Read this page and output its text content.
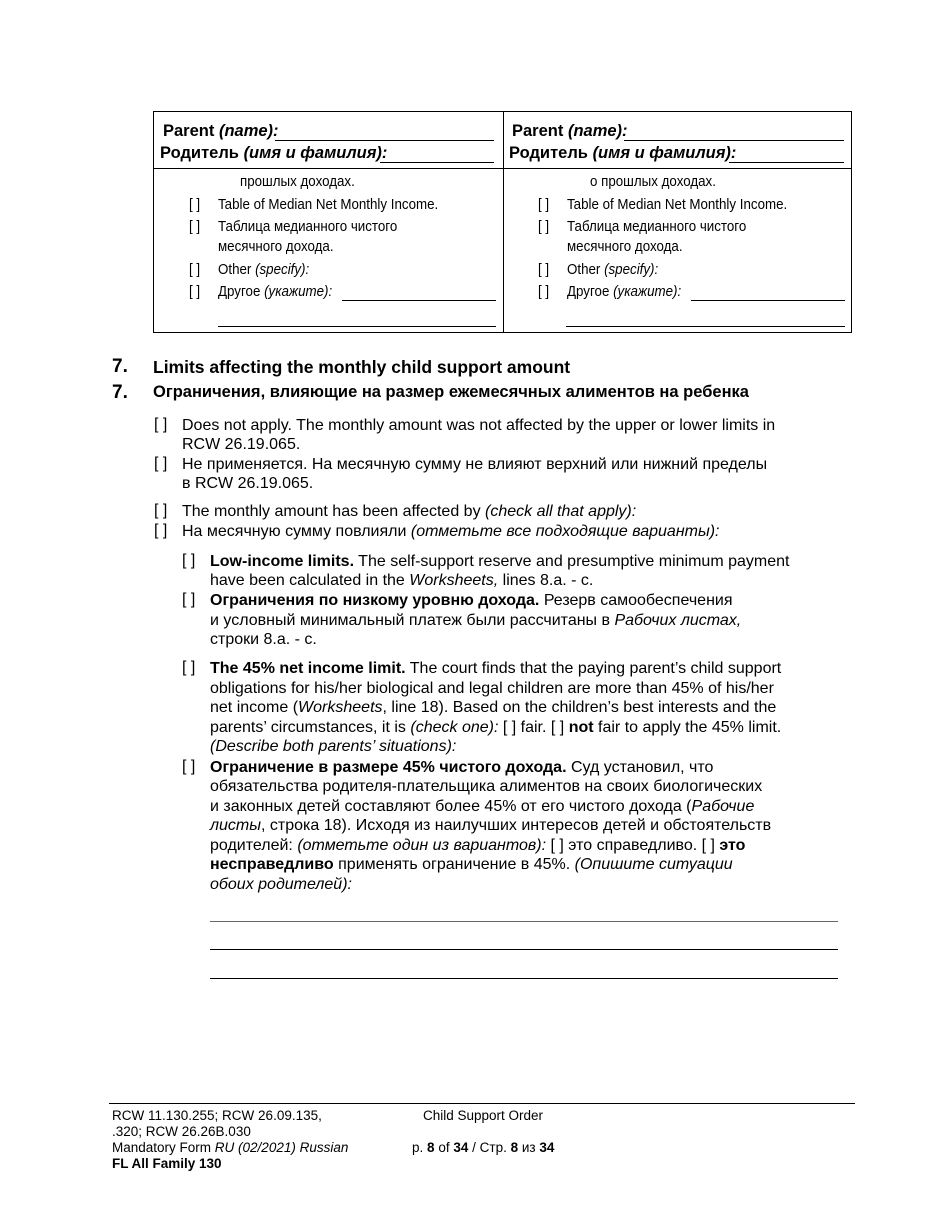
Parent (name):
Родитель (имя и фамилия):
Parent (name):
Родитель (имя и фамилия):
прошлых доходах.
[ ] Table of Median Net Monthly Income.
[ ] Таблица медианного чистого
месячного дохода.
[ ] Other (specify):
[ ] Другое (укажите):
о прошлых доходах.
[ ] Table of Median Net Monthly Income.
[ ] Таблица медианного чистого
месячного дохода.
[ ] Other (specify):
[ ] Другое (укажите):
7. Limits affecting the monthly child support amount
7. Ограничения, влияющие на размер ежемесячных алиментов на ребенка
[ ] Does not apply. The monthly amount was not affected by the upper or lower limits in
RCW 26.19.065.
[ ] Не применяется. На месячную сумму не влияют верхний или нижний пределы
в RCW 26.19.065.
[ ] The monthly amount has been affected by (check all that apply):
[ ] На месячную сумму повлияли (отметьте все подходящие варианты):
[ ] Low-income limits. The self-support reserve and presumptive minimum payment
have been calculated in the Worksheets, lines 8.a. - c.
[ ] Ограничения по низкому уровню дохода. Резерв самообеспечения
и условный минимальный платеж были рассчитаны в Рабочих листах,
строки 8.a. - c.
[ ] The 45% net income limit. The court finds that the paying parent’s child support
obligations for his/her biological and legal children are more than 45% of his/her
net income (Worksheets, line 18). Based on the children’s best interests and the
parents’ circumstances, it is (check one): [ ] fair. [ ] not fair to apply the 45% limit.
(Describe both parents’ situations):
[ ] Ограничение в размере 45% чистого дохода. Суд установил, что
обязательства родителя-плательщика алиментов на своих биологических
и законных детей составляют более 45% от его чистого дохода (Рабочие
листы, строка 18). Исходя из наилучших интересов детей и обстоятельств
родителей: (отметьте один из вариантов): [ ] это справедливо. [ ] это
несправедливо применять ограничение в 45%. (Опишите ситуации
обоих родителей):
RCW 11.130.255; RCW 26.09.135,
.320; RCW 26.26B.030
Mandatory Form RU (02/2021) Russian
FL All Family 130
Child Support Order
p. 8 of 34 / Стр. 8 из 34
